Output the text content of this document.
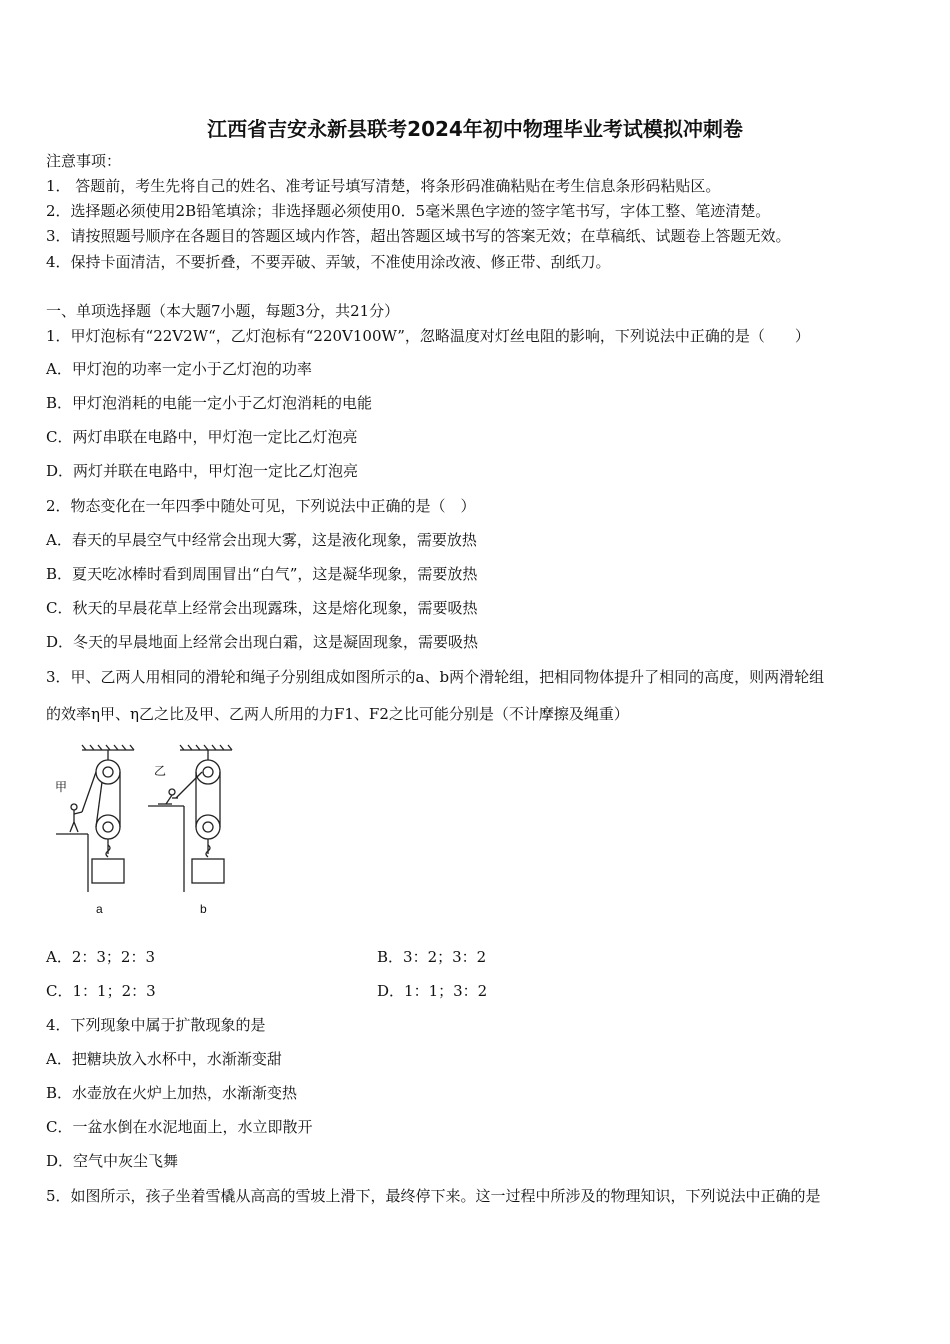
江西省吉安永新县联考2024年初中物理毕业考试模拟冲刺卷
注意事项：
1． 答题前，考生先将自己的姓名、准考证号填写清楚，将条形码准确粘贴在考生信息条形码粘贴区。
2．选择题必须使用2B铅笔填涂；非选择题必须使用0．5毫米黑色字迹的签字笔书写，字体工整、笔迹清楚。
3．请按照题号顺序在各题目的答题区域内作答，超出答题区域书写的答案无效；在草稿纸、试题卷上答题无效。
4．保持卡面清洁，不要折叠，不要弄破、弄皱，不准使用涂改液、修正带、刮纸刀。
一、单项选择题（本大题7小题，每题3分，共21分）
1．甲灯泡标有“22V2W“，乙灯泡标有“220V100W”，忽略温度对灯丝电阻的影响，下列说法中正确的是（　　）
A．甲灯泡的功率一定小于乙灯泡的功率
B．甲灯泡消耗的电能一定小于乙灯泡消耗的电能
C．两灯串联在电路中，甲灯泡一定比乙灯泡亮
D．两灯并联在电路中，甲灯泡一定比乙灯泡亮
2．物态变化在一年四季中随处可见，下列说法中正确的是（　）
A．春天的早晨空气中经常会出现大雾，这是液化现象，需要放热
B．夏天吃冰棒时看到周围冒出“白气”，这是凝华现象，需要放热
C．秋天的早晨花草上经常会出现露珠，这是熔化现象，需要吸热
D．冬天的早晨地面上经常会出现白霜，这是凝固现象，需要吸热
3．甲、乙两人用相同的滑轮和绳子分别组成如图所示的a、b两个滑轮组，把相同物体提升了相同的高度，则两滑轮组
的效率η甲、η乙之比及甲、乙两人所用的力F1、F2之比可能分别是（不计摩擦及绳重）
甲
乙
a	b
A．2：3；2：3	B．3：2；3：2
C．1：1；2：3	D．1：1；3：2
4．下列现象中属于扩散现象的是
A．把糖块放入水杯中，水渐渐变甜
B．水壶放在火炉上加热，水渐渐变热
C．一盆水倒在水泥地面上，水立即散开
D．空气中灰尘飞舞
5．如图所示，孩子坐着雪橇从高高的雪坡上滑下，最终停下来。这一过程中所涉及的物理知识，下列说法中正确的是
